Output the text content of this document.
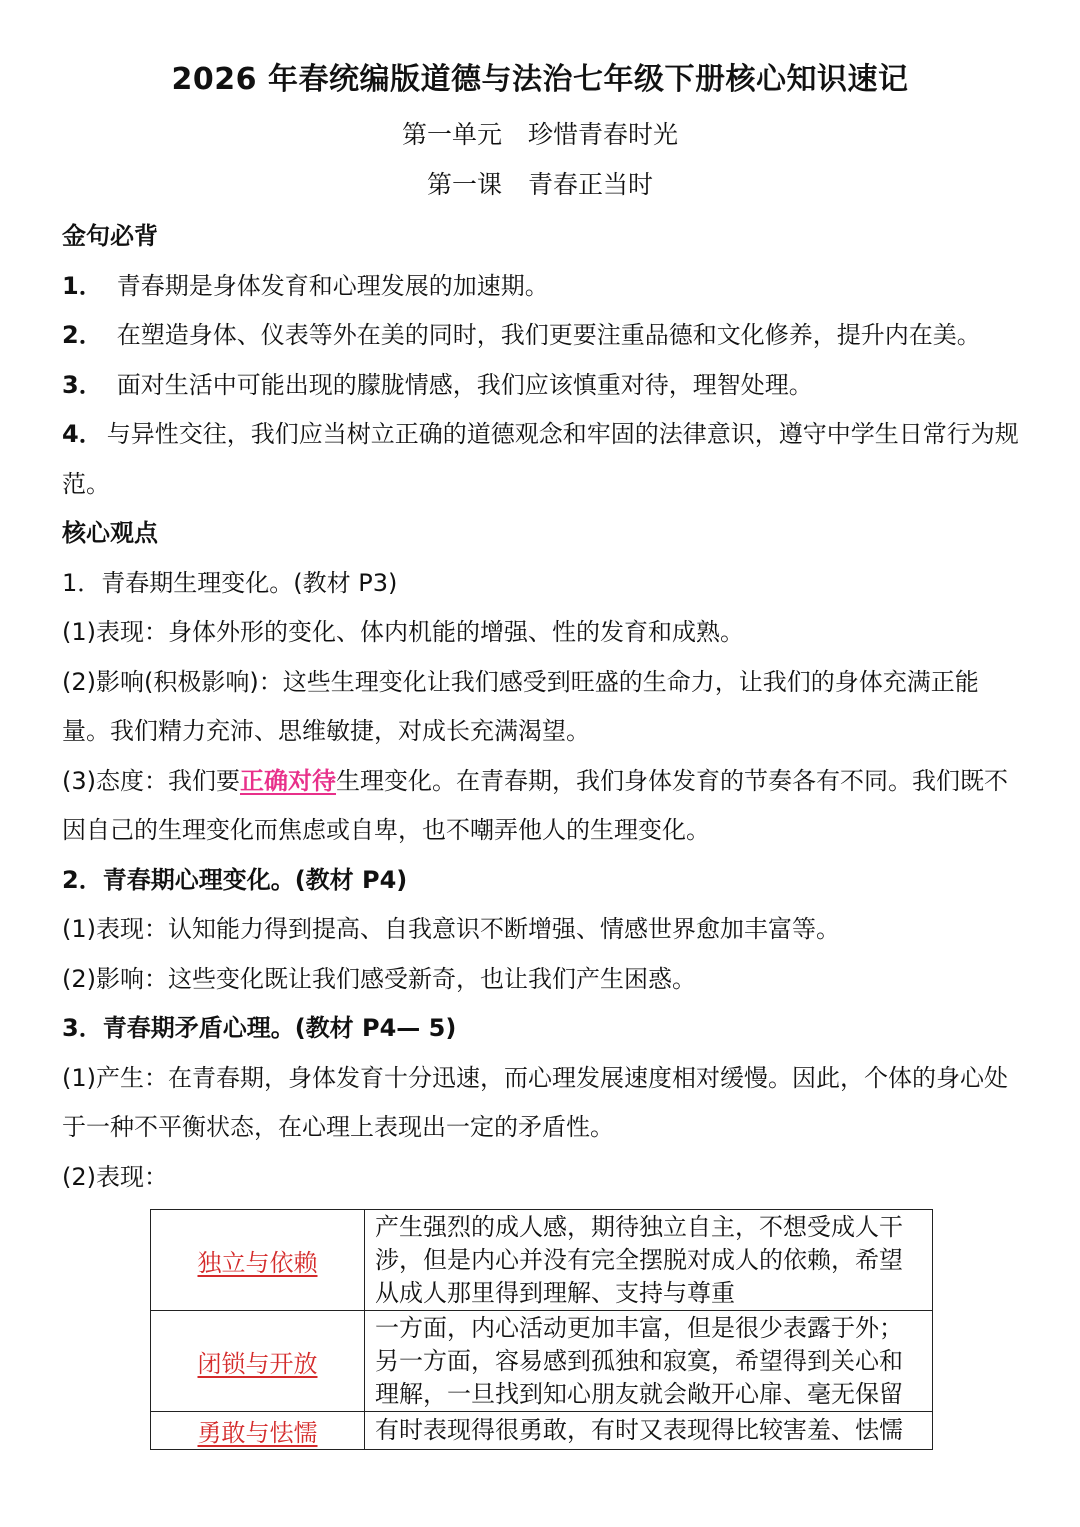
2026 年春统编版道德与法治七年级下册核心知识速记
第一单元 珍惜青春时光
第一课 青春正当时

金句必背

1． 青春期是身体发育和心理发展的加速期。

2． 在塑造身体、仪表等外在美的同时，我们更要注重品德和文化修养，提升内在美。

3． 面对生活中可能出现的朦胧情感，我们应该慎重对待，理智处理。

4． 与异性交往，我们应当树立正确的道德观念和牢固的法律意识，遵守中学生日常行为规范。

核心观点

1．青春期生理变化。(教材 P3)

(1)表现：身体外形的变化、体内机能的增强、性的发育和成熟。

(2)影响(积极影响)：这些生理变化让我们感受到旺盛的生命力，让我们的身体充满正能量。我们精力充沛、思维敏捷，对成长充满渴望。

(3)态度：我们要正确对待生理变化。在青春期，我们身体发育的节奏各有不同。我们既不因自己的生理变化而焦虑或自卑，也不嘲弄他人的生理变化。

2．青春期心理变化。(教材 P4)

(1)表现：认知能力得到提高、自我意识不断增强、情感世界愈加丰富等。

(2)影响：这些变化既让我们感受新奇，也让我们产生困惑。

3．青春期矛盾心理。(教材 P4— 5)

(1)产生：在青春期，身体发育十分迅速，而心理发展速度相对缓慢。因此，个体的身心处于一种不平衡状态，在心理上表现出一定的矛盾性。

(2)表现：

独立与依赖	产生强烈的成人感，期待独立自主，不想受成人干涉，但是内心并没有完全摆脱对成人的依赖，希望从成人那里得到理解、支持与尊重
闭锁与开放	一方面，内心活动更加丰富，但是很少表露于外；另一方面，容易感到孤独和寂寞，希望得到关心和理解，一旦找到知心朋友就会敞开心扉、毫无保留
勇敢与怯懦	有时表现得很勇敢，有时又表现得比较害羞、怯懦
